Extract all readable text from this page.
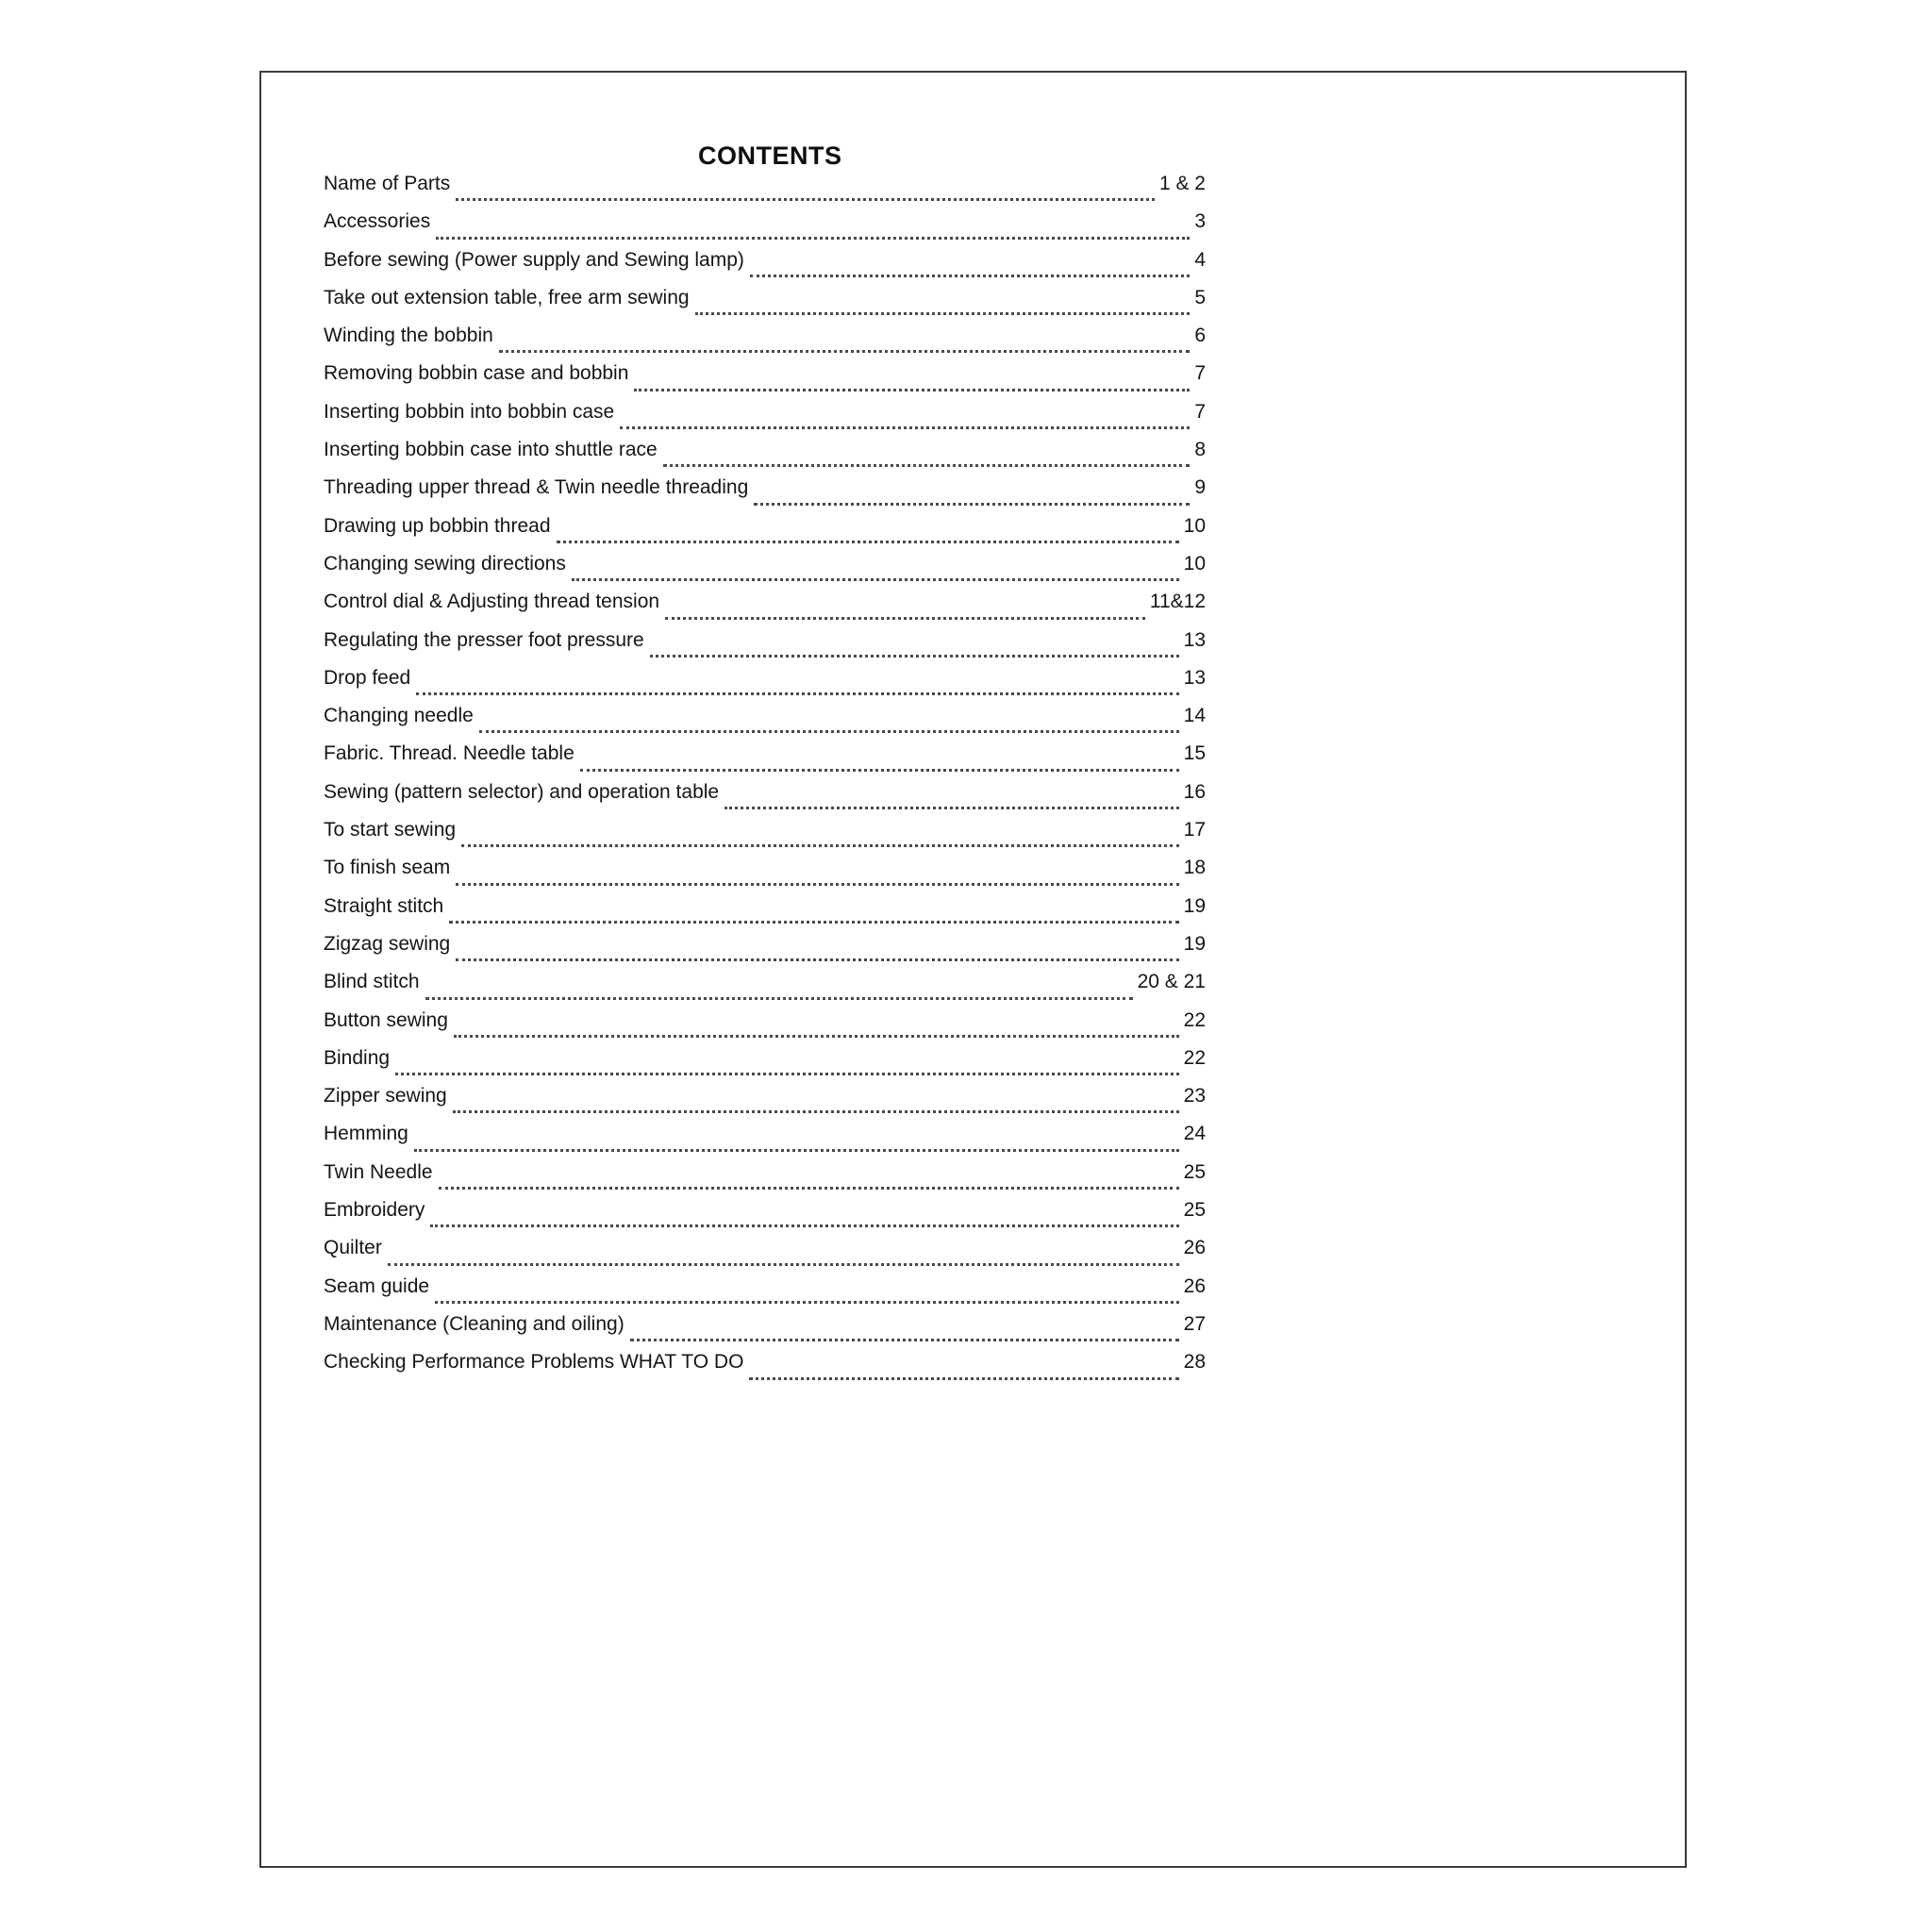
CONTENTS
Name of Parts	1 & 2
Accessories	3
Before sewing (Power supply and Sewing lamp)	4
Take out extension table, free arm sewing	5
Winding the bobbin	6
Removing bobbin case and bobbin	7
Inserting bobbin into bobbin case	7
Inserting bobbin case into shuttle race	8
Threading upper thread & Twin needle threading	9
Drawing up bobbin thread	10
Changing sewing directions	10
Control dial & Adjusting thread tension	11&12
Regulating the presser foot pressure	13
Drop feed	13
Changing needle	14
Fabric. Thread. Needle table	15
Sewing (pattern selector) and operation table	16
To start sewing	17
To finish seam	18
Straight stitch	19
Zigzag sewing	19
Blind stitch	20 & 21
Button sewing	22
Binding	22
Zipper sewing	23
Hemming	24
Twin Needle	25
Embroidery	25
Quilter	26
Seam guide	26
Maintenance (Cleaning and oiling)	27
Checking Performance Problems WHAT TO DO	28
